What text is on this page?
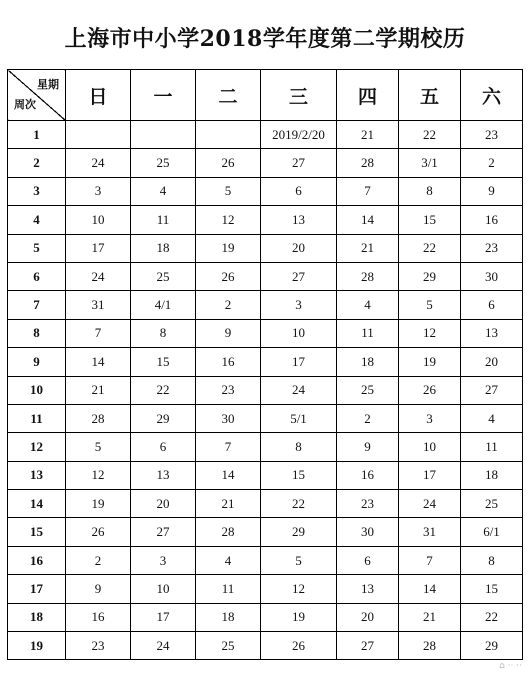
上海市中小学2018学年度第二学期校历
星期
周次	日	一	二	三	四	五	六
1				2019/2/20	21	22	23
2	24	25	26	27	28	3/1	2
3	3	4	5	6	7	8	9
4	10	11	12	13	14	15	16
5	17	18	19	20	21	22	23
6	24	25	26	27	28	29	30
7	31	4/1	2	3	4	5	6
8	7	8	9	10	11	12	13
9	14	15	16	17	18	19	20
10	21	22	23	24	25	26	27
11	28	29	30	5/1	2	3	4
12	5	6	7	8	9	10	11
13	12	13	14	15	16	17	18
14	19	20	21	22	23	24	25
15	26	27	28	29	30	31	6/1
16	2	3	4	5	6	7	8
17	9	10	11	12	13	14	15
18	16	17	18	19	20	21	22
19	23	24	25	26	27	28	29
⌂ ·· ··
